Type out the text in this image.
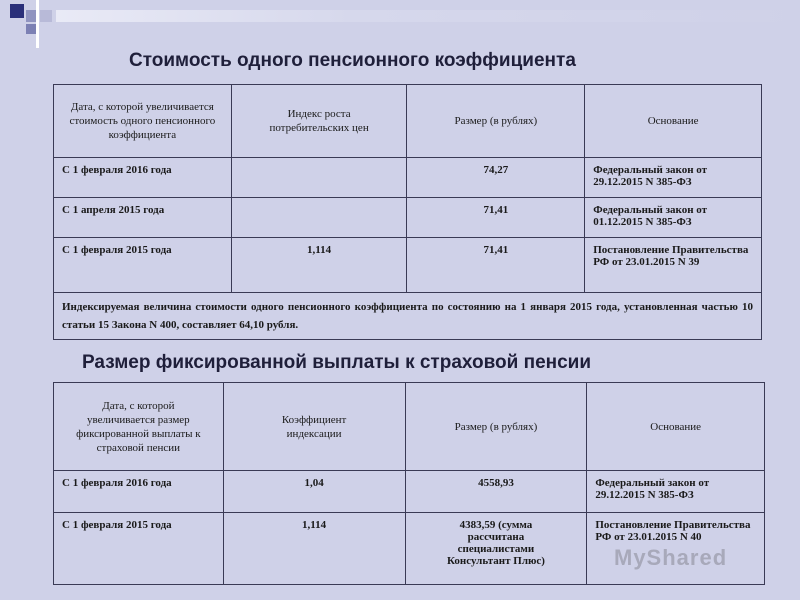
Стоимость одного пенсионного коэффициента
Дата, с которой увеличивается стоимость одного пенсионного коэффициента	Индекс роста потребительских цен	Размер (в рублях)	Основание
С 1 февраля 2016 года		74,27	Федеральный закон от 29.12.2015 N 385-ФЗ
С 1 апреля 2015 года		71,41	Федеральный закон от 01.12.2015 N 385-ФЗ
С 1 февраля 2015 года	1,114	71,41	Постановление Правительства РФ от 23.01.2015 N 39
Индексируемая величина стоимости одного пенсионного коэффициента по состоянию на 1 января 2015 года, установленная частью 10 статьи 15 Закона N 400, составляет 64,10 рубля.			
Размер фиксированной выплаты к страховой пенсии
Дата, с которой увеличивается размер фиксированной выплаты к страховой пенсии	Коэффициент индексации	Размер (в рублях)	Основание
С 1 февраля 2016 года	1,04	4558,93	Федеральный закон от 29.12.2015 N 385-ФЗ
С 1 февраля 2015 года	1,114	4383,59 (сумма рассчитана специалистами Консультант Плюс)	Постановление Правительства РФ от 23.01.2015 N 40
MyShared
